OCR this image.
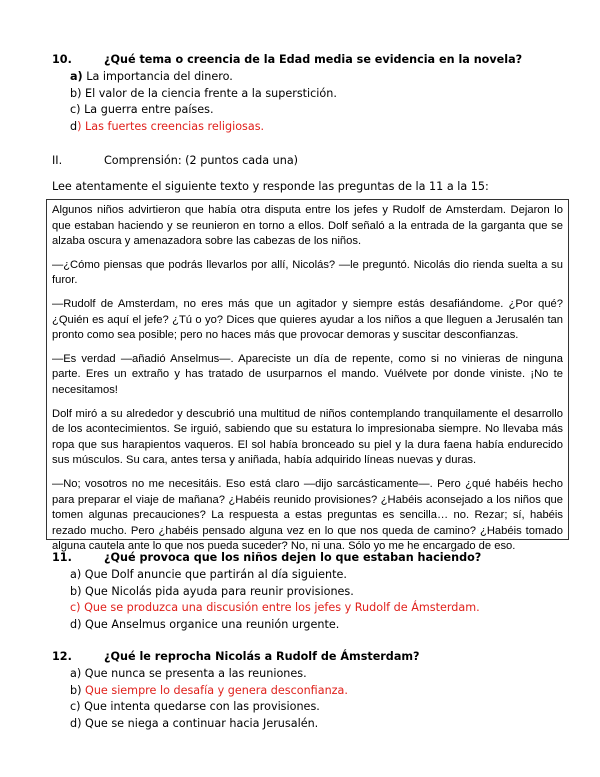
10.	¿Qué tema o creencia de la Edad media se evidencia en la novela?
a) La importancia del dinero.
b) El valor de la ciencia frente a la superstición.
c) La guerra entre países.
d) Las fuertes creencias religiosas.
II.	Comprensión: (2 puntos cada una)
Lee atentamente el siguiente texto y responde las preguntas de la 11 a la 15:

Algunos niños advirtieron que había otra disputa entre los jefes y Rudolf de Amsterdam. Dejaron lo que estaban haciendo y se reunieron en torno a ellos. Dolf señaló a la entrada de la garganta que se alzaba oscura y amenazadora sobre las cabezas de los niños.

—¿Cómo piensas que podrás llevarlos por allí, Nicolás? —le preguntó. Nicolás dio rienda suelta a su furor.

—Rudolf de Amsterdam, no eres más que un agitador y siempre estás desafiándome. ¿Por qué? ¿Quién es aquí el jefe? ¿Tú o yo? Dices que quieres ayudar a los niños a que lleguen a Jerusalén tan pronto como sea posible; pero no haces más que provocar demoras y suscitar desconfianzas.

—Es verdad —añadió Anselmus—. Apareciste un día de repente, como si no vinieras de ninguna parte. Eres un extraño y has tratado de usurparnos el mando. Vuélvete por donde viniste. ¡No te necesitamos!

Dolf miró a su alrededor y descubrió una multitud de niños contemplando tranquilamente el desarrollo de los acontecimientos. Se irguió, sabiendo que su estatura lo impresionaba siempre. No llevaba más ropa que sus harapientos vaqueros. El sol había bronceado su piel y la dura faena había endurecido sus músculos. Su cara, antes tersa y aniñada, había adquirido líneas nuevas y duras.

—No; vosotros no me necesitáis. Eso está claro —dijo sarcásticamente—. Pero ¿qué habéis hecho para preparar el viaje de mañana? ¿Habéis reunido provisiones? ¿Habéis aconsejado a los niños que tomen algunas precauciones? La respuesta a estas preguntas es sencilla… no. Rezar; sí, habéis rezado mucho. Pero ¿habéis pensado alguna vez en lo que nos queda de camino? ¿Habéis tomado alguna cautela ante lo que nos pueda suceder? No, ni una. Sólo yo me he encargado de eso.

11.	¿Qué provoca que los niños dejen lo que estaban haciendo?
a) Que Dolf anuncie que partirán al día siguiente.
b) Que Nicolás pida ayuda para reunir provisiones.
c) Que se produzca una discusión entre los jefes y Rudolf de Ámsterdam.
d) Que Anselmus organice una reunión urgente.
12.	¿Qué le reprocha Nicolás a Rudolf de Ámsterdam?
a) Que nunca se presenta a las reuniones.
b) Que siempre lo desafía y genera desconfianza.
c) Que intenta quedarse con las provisiones.
d) Que se niega a continuar hacia Jerusalén.
